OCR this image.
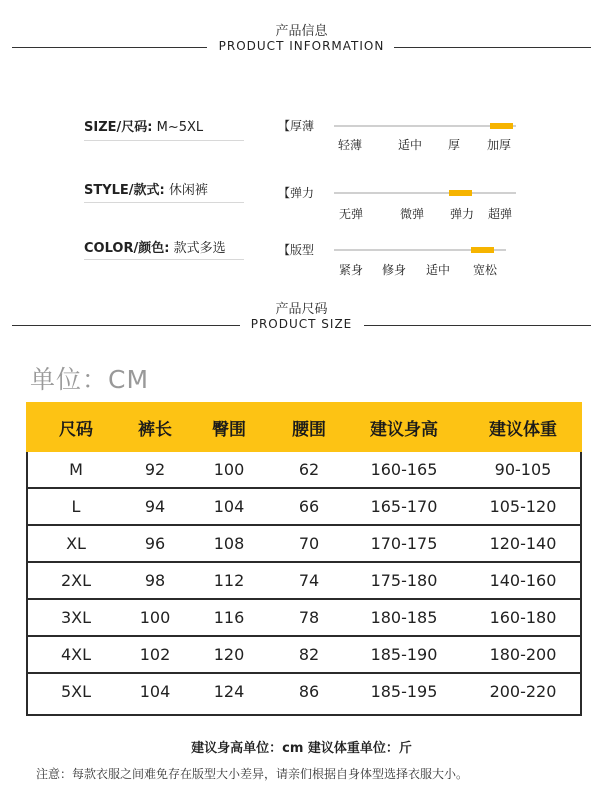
产品信息
PRODUCT INFORMATION
SIZE/尺码: M~5XL
STYLE/款式: 休闲裤
COLOR/颜色: 款式多选
【厚薄
轻薄	适中 厚 加厚
【弹力
无弹	微弹 弹力 超弹
【版型
紧身 修身 适中 宽松
产品尺码
PRODUCT SIZE
单位：CM
尺码	裤长	臀围	腰围	建议身高	建议体重
M	92	100	62	160-165	90-105
L	94	104	66	165-170	105-120
XL	96	108	70	170-175	120-140
2XL	98	112	74	175-180	140-160
3XL	100	116	78	180-185	160-180
4XL	102	120	82	185-190	180-200
5XL	104	124	86	185-195	200-220
建议身高单位：cm 建议体重单位：斤
注意：每款衣服之间难免存在版型大小差异，请亲们根据自身体型选择衣服大小。
